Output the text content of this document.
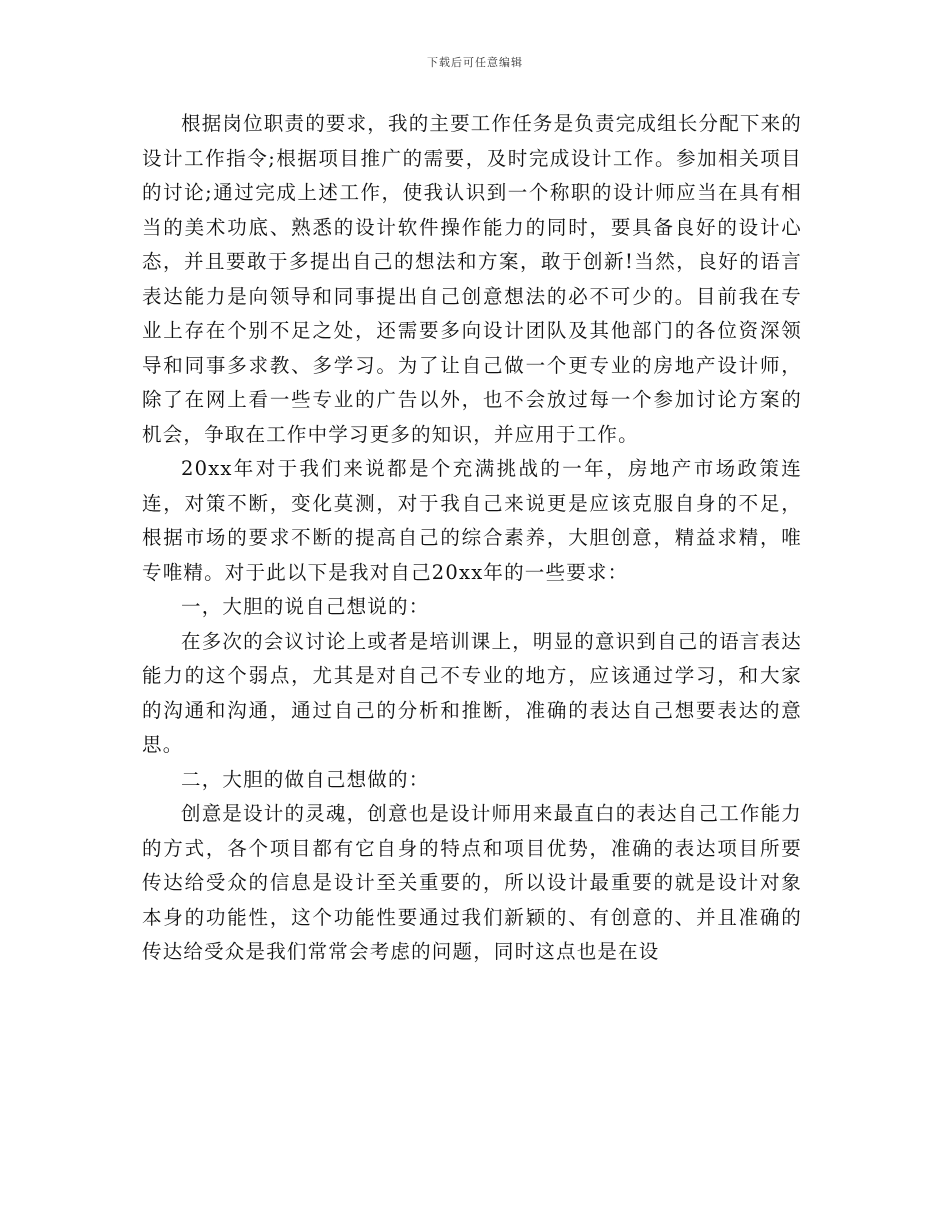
下载后可任意编辑

根据岗位职责的要求，我的主要工作任务是负责完成组长分配下来的设计工作指令;根据项目推广的需要，及时完成设计工作。参加相关项目的讨论;通过完成上述工作，使我认识到一个称职的设计师应当在具有相当的美术功底、熟悉的设计软件操作能力的同时，要具备良好的设计心态，并且要敢于多提出自己的想法和方案，敢于创新!当然，良好的语言表达能力是向领导和同事提出自己创意想法的必不可少的。目前我在专业上存在个别不足之处，还需要多向设计团队及其他部门的各位资深领导和同事多求教、多学习。为了让自己做一个更专业的房地产设计师，除了在网上看一些专业的广告以外，也不会放过每一个参加讨论方案的机会，争取在工作中学习更多的知识，并应用于工作。

20xx年对于我们来说都是个充满挑战的一年，房地产市场政策连连，对策不断，变化莫测，对于我自己来说更是应该克服自身的不足，根据市场的要求不断的提高自己的综合素养，大胆创意，精益求精，唯专唯精。对于此以下是我对自己20xx年的一些要求：

一，大胆的说自己想说的：

在多次的会议讨论上或者是培训课上，明显的意识到自己的语言表达能力的这个弱点，尤其是对自己不专业的地方，应该通过学习，和大家的沟通和沟通，通过自己的分析和推断，准确的表达自己想要表达的意思。

二，大胆的做自己想做的：

创意是设计的灵魂，创意也是设计师用来最直白的表达自己工作能力的方式，各个项目都有它自身的特点和项目优势，准确的表达项目所要传达给受众的信息是设计至关重要的，所以设计最重要的就是设计对象本身的功能性，这个功能性要通过我们新颖的、有创意的、并且准确的传达给受众是我们常常会考虑的问题，同时这点也是在设
